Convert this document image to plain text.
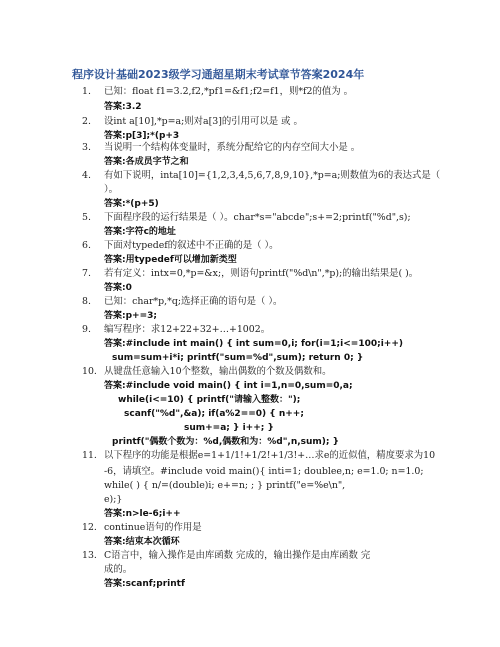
程序设计基础2023级学习通超星期末考试章节答案2024年
1. 已知：float f1=3.2,f2,*pf1=&f1;f2=f1，则*f2的值为 。
答案:3.2
2. 设int a[10],*p=a;则对a[3]的引用可以是 或 。
答案:p[3];*(p+3
3. 当说明一个结构体变量时，系统分配给它的内存空间大小是 。
答案:各成员字节之和
4. 有如下说明，inta[10]={1,2,3,4,5,6,7,8,9,10},*p=a;则数值为6的表达式是（
）。
答案:*(p+5)
5. 下面程序段的运行结果是（ ）。char*s="abcde";s+=2;printf("%d",s);
答案:字符c的地址
6. 下面对typedef的叙述中不正确的是（ ）。
答案:用typedef可以增加新类型
7. 若有定义：intx=0,*p=&x;，则语句printf("%d\n",*p);的输出结果是( )。
答案:0
8. 已知：char*p,*q;选择正确的语句是（ ）。
答案:p+=3;
9. 编写程序：求12+22+32+…+1002。
答案:#include int main() { int sum=0,i; for(i=1;i<=100;i++)
sum=sum+i*i; printf("sum=%d",sum); return 0; }
10. 从键盘任意输入10个整数，输出偶数的个数及偶数和。
答案:#include void main() { int i=1,n=0,sum=0,a;
while(i<=10) { printf("请输入整数：");
scanf("%d",&a); if(a%2==0) { n++;
sum+=a; } i++; }
printf("偶数个数为：%d,偶数和为：%d",n,sum); }
11. 以下程序的功能是根据e=1+1/1!+1/2!+1/3!+…求e的近似值，精度要求为10
-6，请填空。#include void main(){ inti=1; doublee,n; e=1.0; n=1.0;
while( ) { n/=(double)i; e+=n; ; } printf("e=%e\n",
e);}
答案:n>le-6;i++
12. continue语句的作用是
答案:结束本次循环
13. C语言中，输入操作是由库函数 完成的，输出操作是由库函数 完
成的。
答案:scanf;printf
